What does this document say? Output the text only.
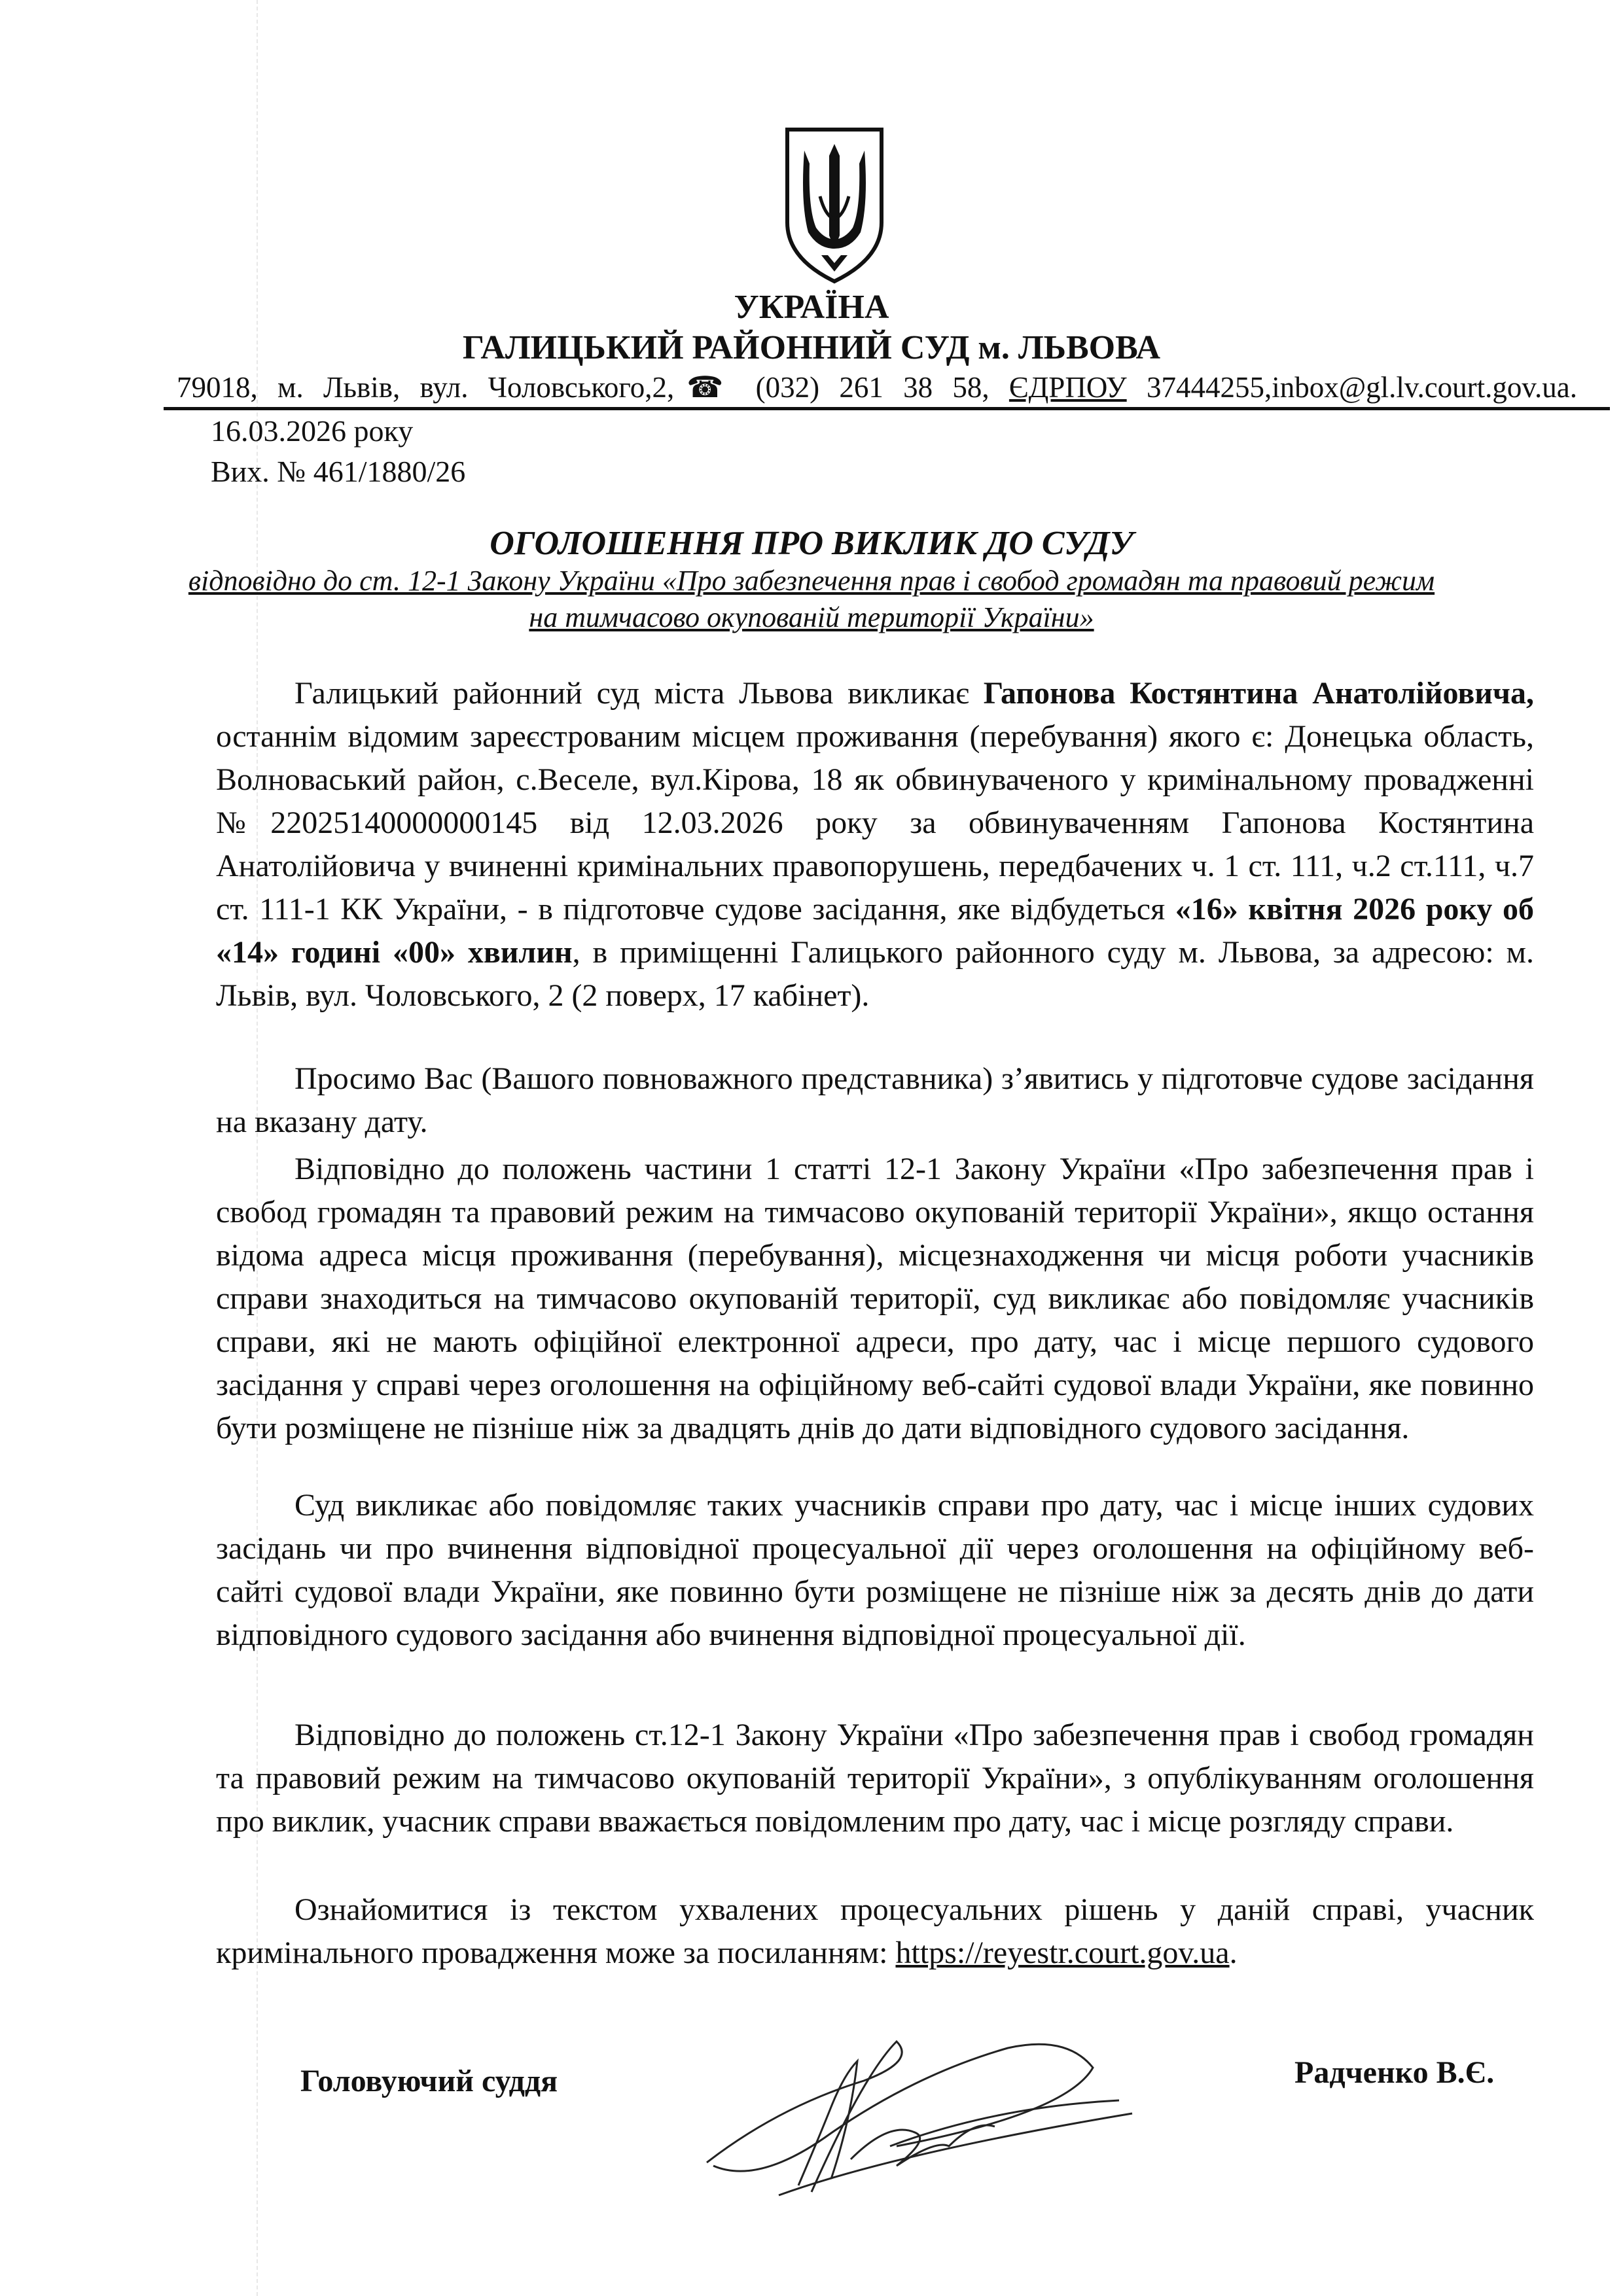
УКРАЇНА
ГАЛИЦЬКИЙ РАЙОННИЙ СУД м. ЛЬВОВА
79018, м. Львів, вул. Чоловського,2,☎ (032) 261 38 58, ЄДРПОУ 37444255,inbox@gl.lv.court.gov.ua.
16.03.2026 року
Вих. № 461/1880/26
ОГОЛОШЕННЯ ПРО ВИКЛИК ДО СУДУ
відповідно до ст. 12-1 Закону України «Про забезпечення прав і свобод громадян та правовий режим
на тимчасово окупованій території України»

Галицький районний суд міста Львова викликає Гапонова Костянтина Анатолійовича, останнім відомим зареєстрованим місцем проживання (перебування) якого є: Донецька область, Волноваський район, с.Веселе, вул.Кірова, 18 як обвинуваченого у кримінальному провадженні №22025140000000145 від 12.03.2026 року за обвинуваченням Гапонова Костянтина Анатолійовича у вчиненні кримінальних правопорушень, передбачених ч. 1 ст. 111, ч.2 ст.111, ч.7 ст. 111-1 КК України, - в підготовче судове засідання, яке відбудеться «16» квітня 2026 року об «14» годині «00» хвилин, в приміщенні Галицького районного суду м. Львова, за адресою: м. Львів, вул. Чоловського, 2 (2 поверх, 17 кабінет).

Просимо Вас (Вашого повноважного представника) з’явитись у підготовче судове засідання на вказану дату.

Відповідно до положень частини 1 статті 12-1 Закону України «Про забезпечення прав і свобод громадян та правовий режим на тимчасово окупованій території України», якщо остання відома адреса місця проживання (перебування), місцезнаходження чи місця роботи учасників справи знаходиться на тимчасово окупованій території, суд викликає або повідомляє учасників справи, які не мають офіційної електронної адреси, про дату, час і місце першого судового засідання у справі через оголошення на офіційному веб-сайті судової влади України, яке повинно бути розміщене не пізніше ніж за двадцять днів до дати відповідного судового засідання.

Суд викликає або повідомляє таких учасників справи про дату, час і місце інших судових засідань чи про вчинення відповідної процесуальної дії через оголошення на офіційному веб-сайті судової влади України, яке повинно бути розміщене не пізніше ніж за десять днів до дати відповідного судового засідання або вчинення відповідної процесуальної дії.

Відповідно до положень ст.12-1 Закону України «Про забезпечення прав і свобод громадян та правовий режим на тимчасово окупованій території України», з опублікуванням оголошення про виклик, учасник справи вважається повідомленим про дату, час і місце розгляду справи.

Ознайомитися із текстом ухвалених процесуальних рішень у даній справі, учасник кримінального провадження може за посиланням: https://reyestr.court.gov.ua.

Головуючий суддя	Радченко В.Є.
